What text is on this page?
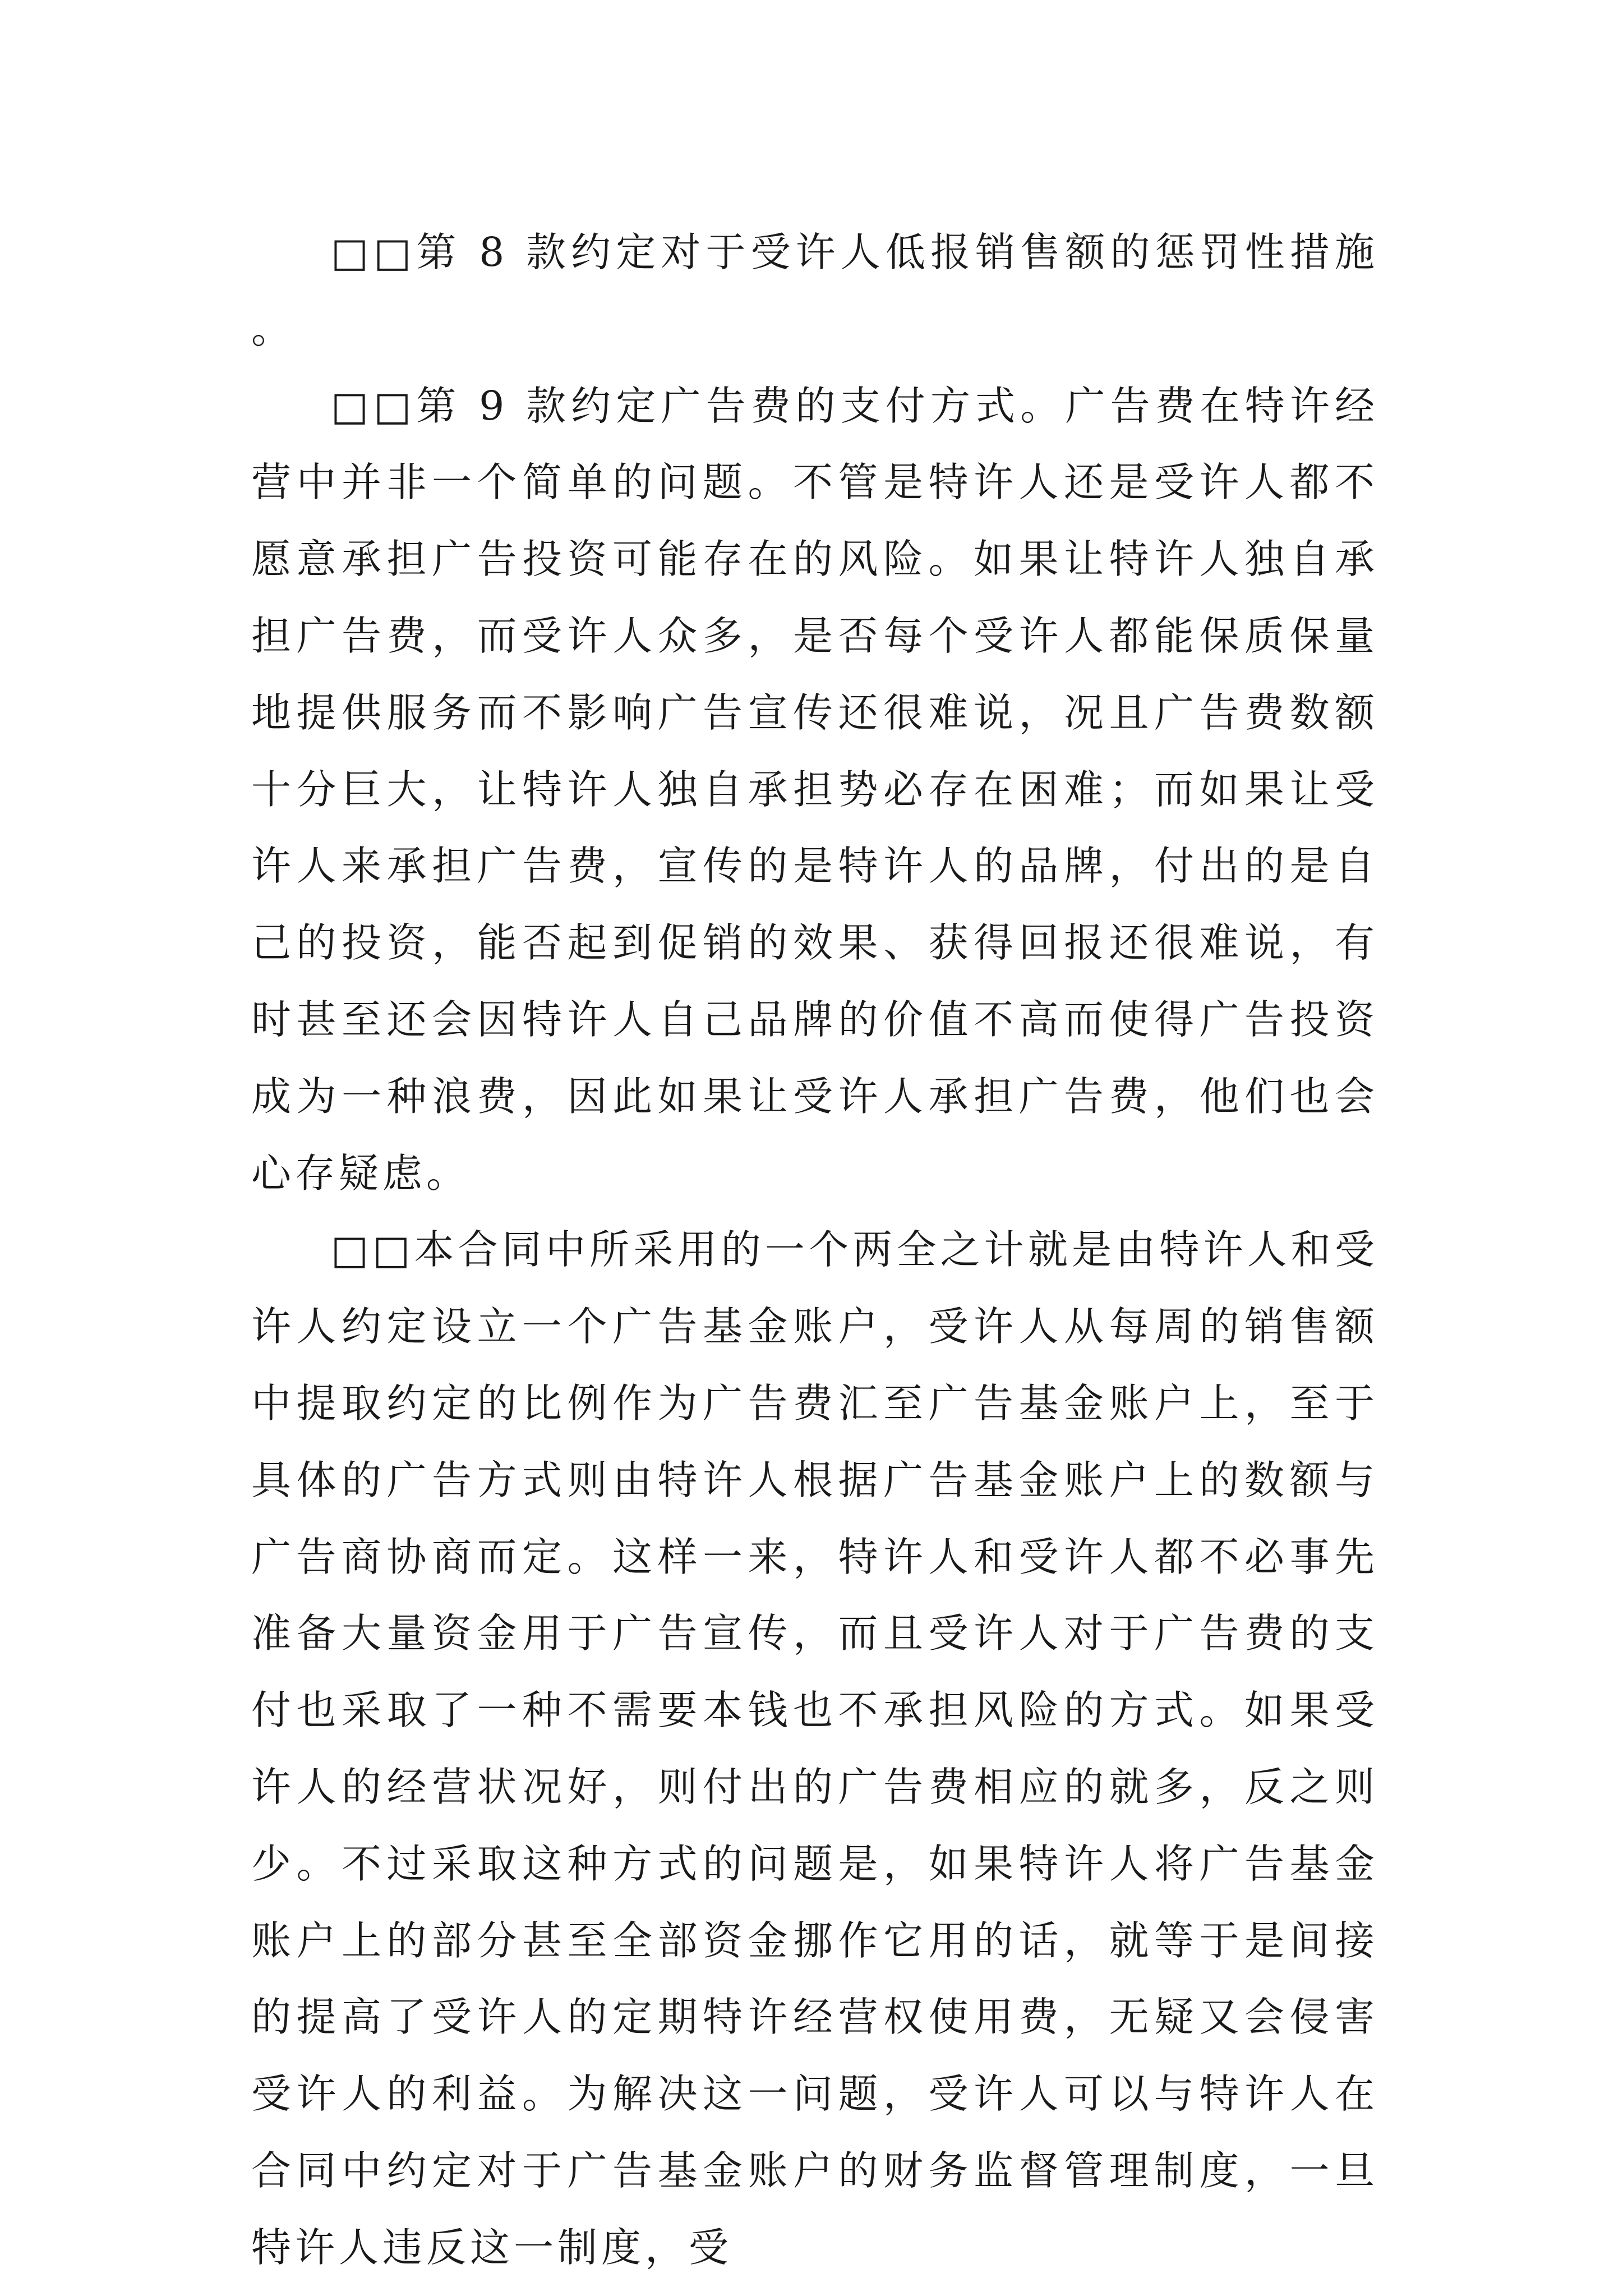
□□第 8 款约定对于受许人低报销售额的惩罚性措施。

□□第 9 款约定广告费的支付方式。广告费在特许经营中并非一个简单的问题。不管是特许人还是受许人都不愿意承担广告投资可能存在的风险。如果让特许人独自承担广告费，而受许人众多，是否每个受许人都能保质保量地提供服务而不影响广告宣传还很难说，况且广告费数额十分巨大，让特许人独自承担势必存在困难；而如果让受许人来承担广告费，宣传的是特许人的品牌，付出的是自己的投资，能否起到促销的效果、获得回报还很难说，有时甚至还会因特许人自己品牌的价值不高而使得广告投资成为一种浪费，因此如果让受许人承担广告费，他们也会心存疑虑。

□□本合同中所采用的一个两全之计就是由特许人和受许人约定设立一个广告基金账户，受许人从每周的销售额中提取约定的比例作为广告费汇至广告基金账户上，至于具体的广告方式则由特许人根据广告基金账户上的数额与广告商协商而定。这样一来，特许人和受许人都不必事先准备大量资金用于广告宣传，而且受许人对于广告费的支付也采取了一种不需要本钱也不承担风险的方式。如果受许人的经营状况好，则付出的广告费相应的就多，反之则少。不过采取这种方式的问题是，如果特许人将广告基金账户上的部分甚至全部资金挪作它用的话，就等于是间接的提高了受许人的定期特许经营权使用费，无疑又会侵害受许人的利益。为解决这一问题，受许人可以与特许人在合同中约定对于广告基金账户的财务监督管理制度，一旦特许人违反这一制度，受
